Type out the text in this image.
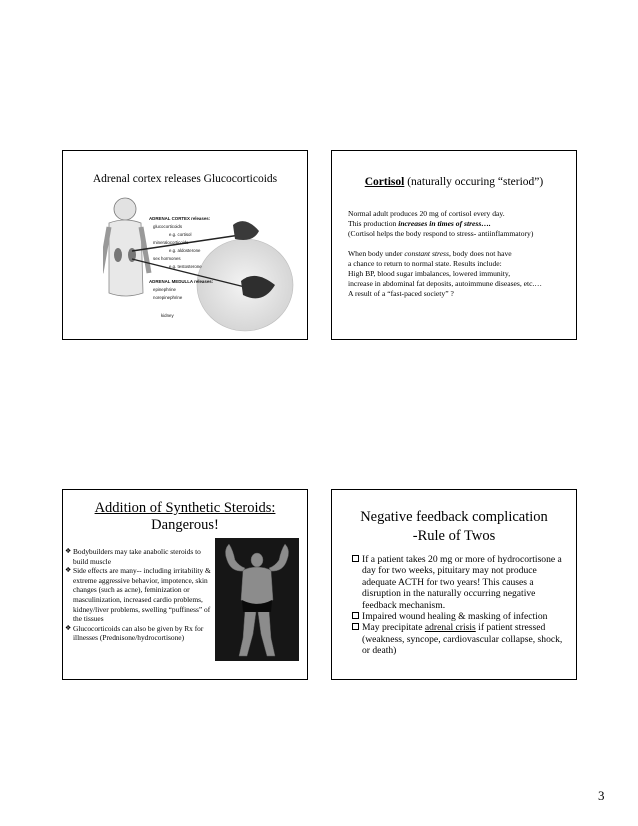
Adrenal cortex releases Glucocorticoids
ADRENAL CORTEX releases:
glucocorticoids
e.g. cortisol
mineralocorticoids
e.g. aldosterone
sex hormones
e.g. testosterone
ADRENAL MEDULLA releases:
epinephrine
norepinephrine
kidney
Cortisol (naturally occuring “steriod”)

Normal adult produces 20 mg of cortisol every day.

This production increases in times of stress….

(Cortisol helps the body respond to stress- antiinflammatory)

When body under constant stress, body does not have

a chance to return to normal state. Results include:

High BP, blood sugar imbalances, lowered immunity,

increase in abdominal fat deposits, autoimmune diseases, etc.…

A result of a “fast-paced society” ?

Addition of Synthetic Steroids:
Dangerous!

❖ Bodybuilders may take anabolic steroids to build muscle

❖ Side effects are many-- including irritability & extreme aggressive behavior, impotence, skin changes (such as acne), feminization or masculinization, increased cardio problems, kidney/liver problems, swelling “puffiness” of the tissues

❖ Glucocorticoids can also be given by Rx for illnesses (Prednisone/hydrocortisone)

Negative feedback complication
-Rule of Twos

If a patient takes 20 mg or more of hydrocortisone a day for two weeks, pituitary may not produce adequate ACTH for two years! This causes a disruption in the naturally occurring negative feedback mechanism.

Impaired wound healing & masking of infection

May precipitate adrenal crisis if patient stressed (weakness, syncope, cardiovascular collapse, shock, or death)

3
